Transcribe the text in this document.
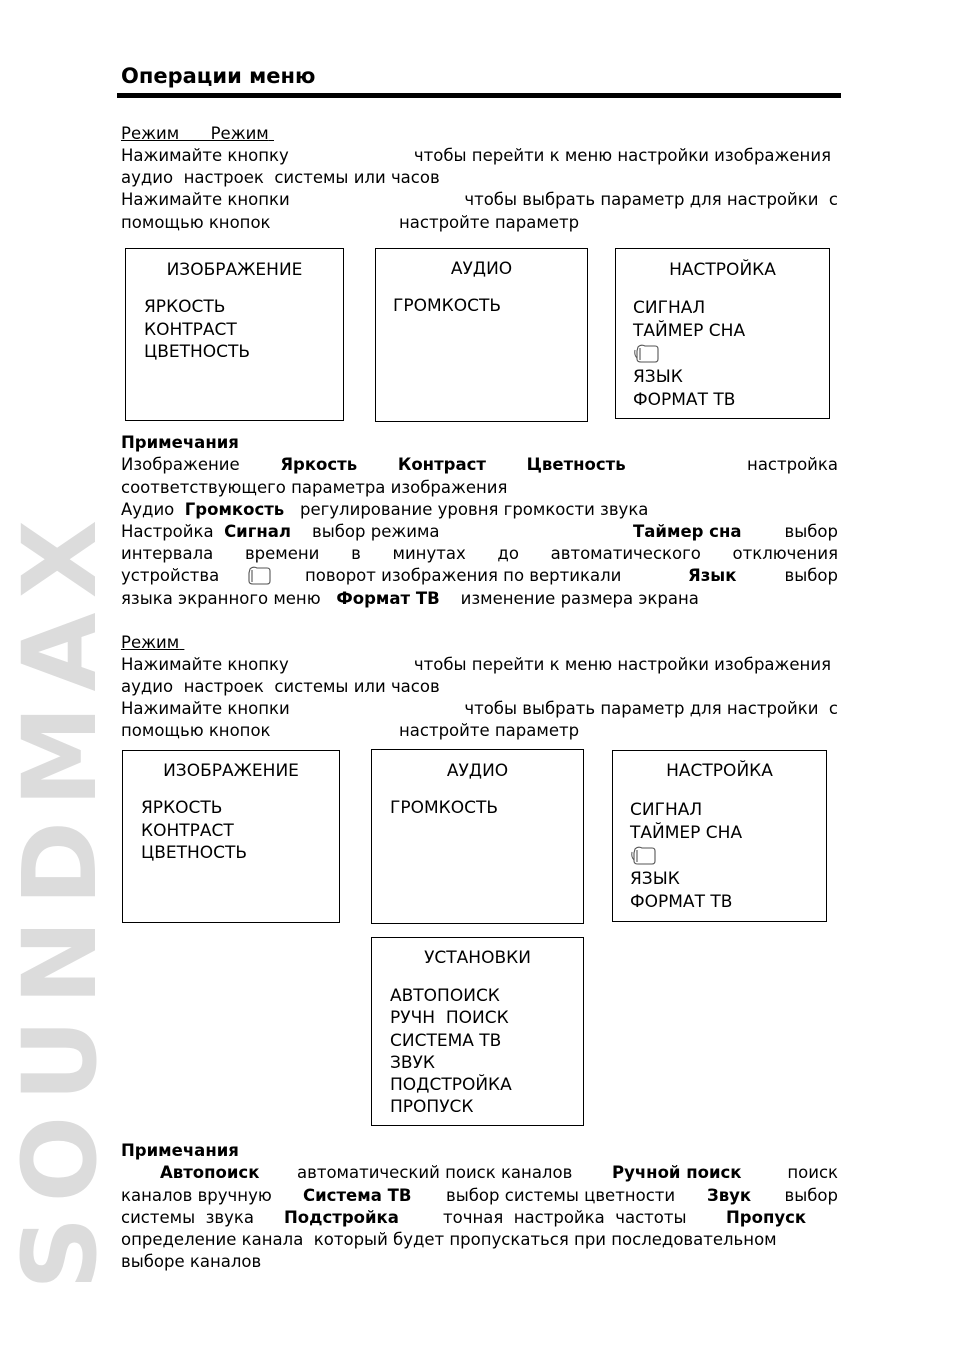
SOUNDMAX
Операции меню
Режим      Режим
Нажимайте кнопку	чтобы перейти к меню настройки изображения
аудио  настроек  системы или часов
Нажимайте кнопки	чтобы выбрать параметр для настройки  с
помощью кнопок	настройте параметр
ИЗОБРАЖЕНИЕ
ЯРКОСТЬ
КОНТРАСТ
ЦВЕТНОСТЬ
АУДИО
ГРОМКОСТЬ
НАСТРОЙКА
СИГНАЛ
ТАЙМЕР СНА
ЯЗЫК
ФОРМАТ ТВ
Примечания
Изображение Яркость Контраст Цветность	настройка
соответствующего параметра изображения
Аудио Громкость регулирование уровня громкости звука
Настройка Сигнал выбор режима	Таймер сна	выбор
интервала времени в минутах до автоматического отключения
устройства	поворот изображения по вертикали	Язык	выбор
языка экранного меню Формат ТВ изменение размера экрана
Режим
Нажимайте кнопку	чтобы перейти к меню настройки изображения
аудио  настроек  системы или часов
Нажимайте кнопки	чтобы выбрать параметр для настройки  с
помощью кнопок	настройте параметр
ИЗОБРАЖЕНИЕ
ЯРКОСТЬ
КОНТРАСТ
ЦВЕТНОСТЬ
АУДИО
ГРОМКОСТЬ
НАСТРОЙКА
СИГНАЛ
ТАЙМЕР СНА
ЯЗЫК
ФОРМАТ ТВ
УСТАНОВКИ
АВТОПОИСК
РУЧН  ПОИСК
СИСТЕМА ТВ
ЗВУК
ПОДСТРОЙКА
ПРОПУСК
Примечания
Автопоиск автоматический поиск каналов Ручной поиск	поиск
каналов вручную Система ТВ выбор системы цветности Звук выбор
системы  звука Подстройка	точная  настройка  частоты Пропуск
определение канала  который будет пропускаться при последовательном
выборе каналов
